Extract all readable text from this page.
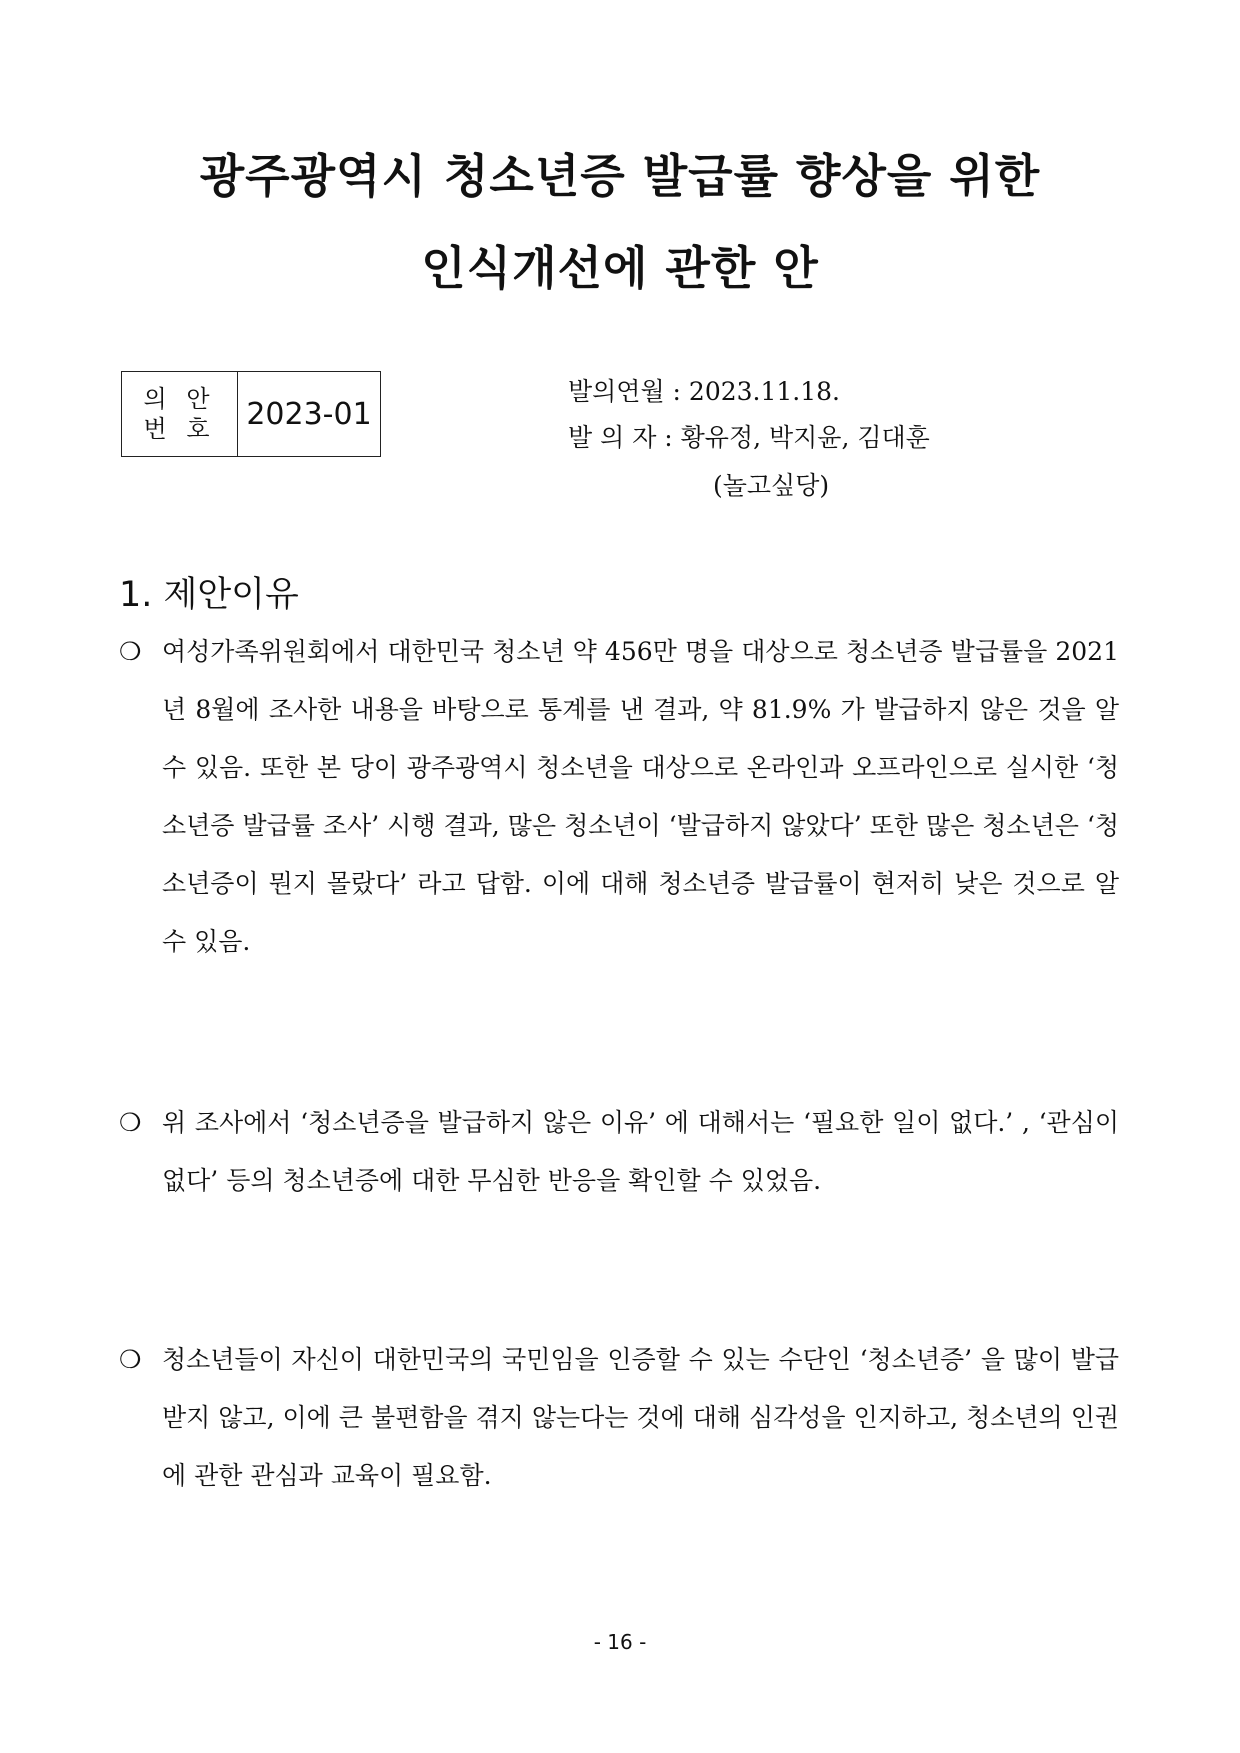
광주광역시 청소년증 발급률 향상을 위한
인식개선에 관한 안
의 안
번 호 2023-01
발의연월 : 2023.11.18.
발 의 자 : 황유정, 박지윤, 김대훈
(놀고싶당)
1. 제안이유
❍ 여성가족위원회에서 대한민국 청소년 약 456만 명을 대상으로 청소년증 발급률을 2021년 8월에 조사한 내용을 바탕으로 통계를 낸 결과, 약 81.9% 가 발급하지 않은 것을 알 수 있음. 또한 본 당이 광주광역시 청소년을 대상으로 온라인과 오프라인으로 실시한 ‘청소년증 발급률 조사’ 시행 결과, 많은 청소년이 ‘발급하지 않았다’ 또한 많은 청소년은 ‘청소년증이 뭔지 몰랐다’ 라고 답함. 이에 대해 청소년증 발급률이 현저히 낮은 것으로 알 수 있음.
❍ 위 조사에서 ‘청소년증을 발급하지 않은 이유’ 에 대해서는 ‘필요한 일이 없다.’ , ‘관심이 없다’ 등의 청소년증에 대한 무심한 반응을 확인할 수 있었음.
❍ 청소년들이 자신이 대한민국의 국민임을 인증할 수 있는 수단인 ‘청소년증’ 을 많이 발급받지 않고, 이에 큰 불편함을 겪지 않는다는 것에 대해 심각성을 인지하고, 청소년의 인권에 관한 관심과 교육이 필요함.
- 16 -
